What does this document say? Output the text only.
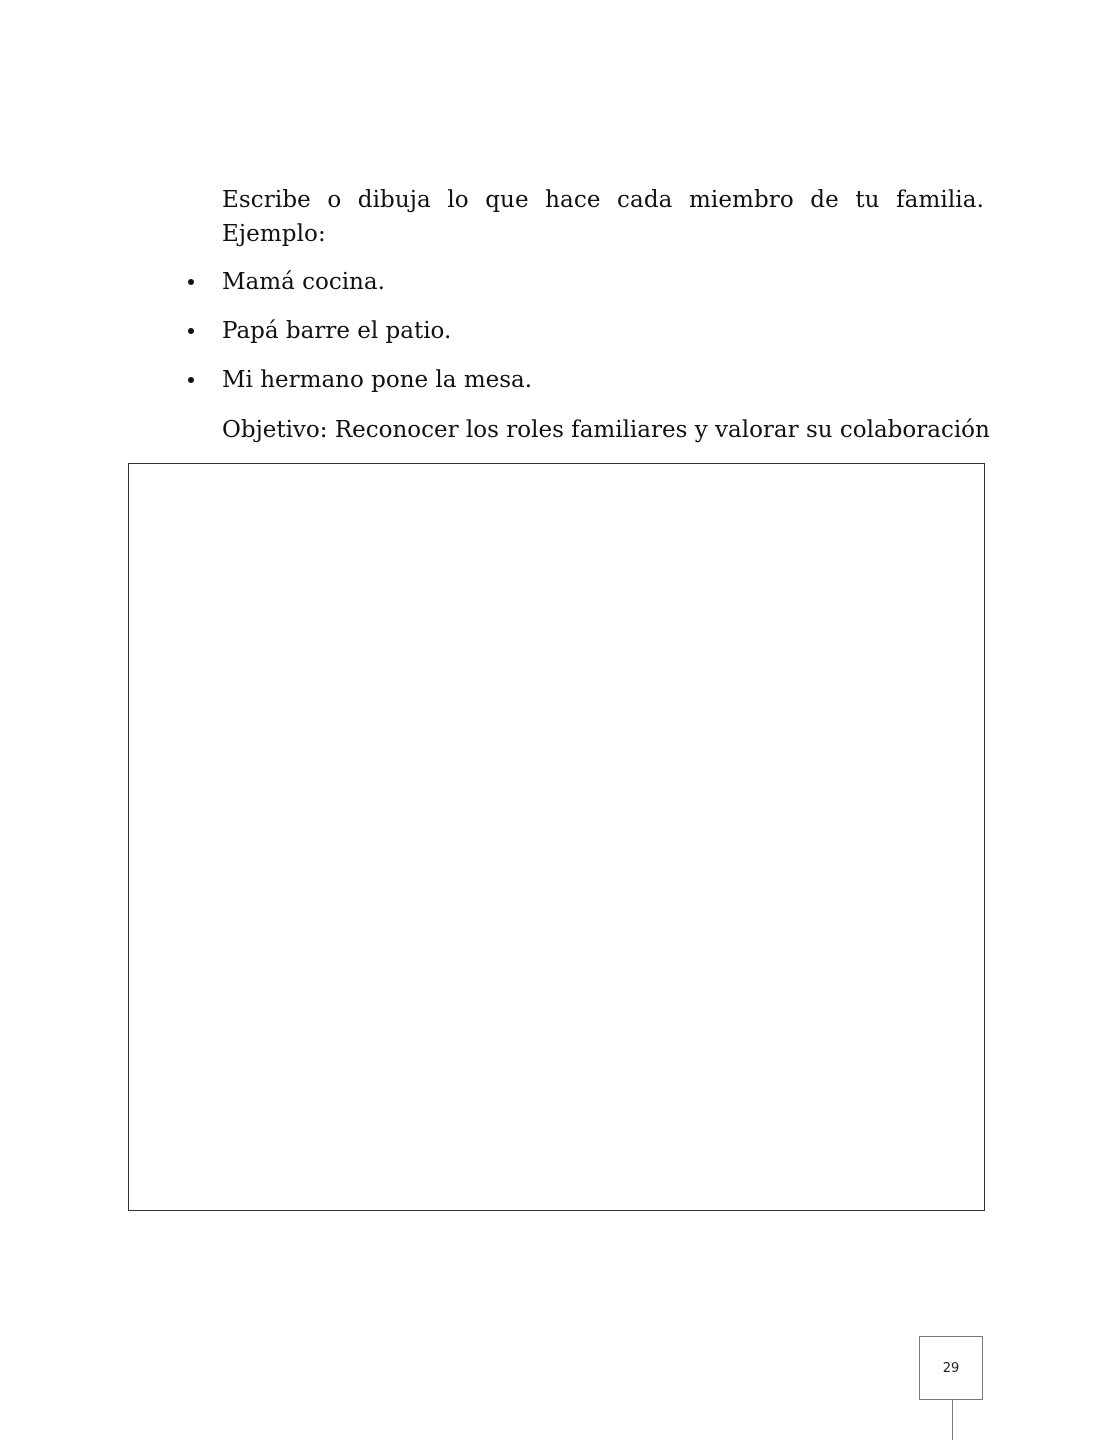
Escribe o dibuja lo que hace cada miembro de tu familia. Ejemplo:

Mamá cocina.
Papá barre el patio.
Mi hermano pone la mesa.

Objetivo: Reconocer los roles familiares y valorar su colaboración

29
